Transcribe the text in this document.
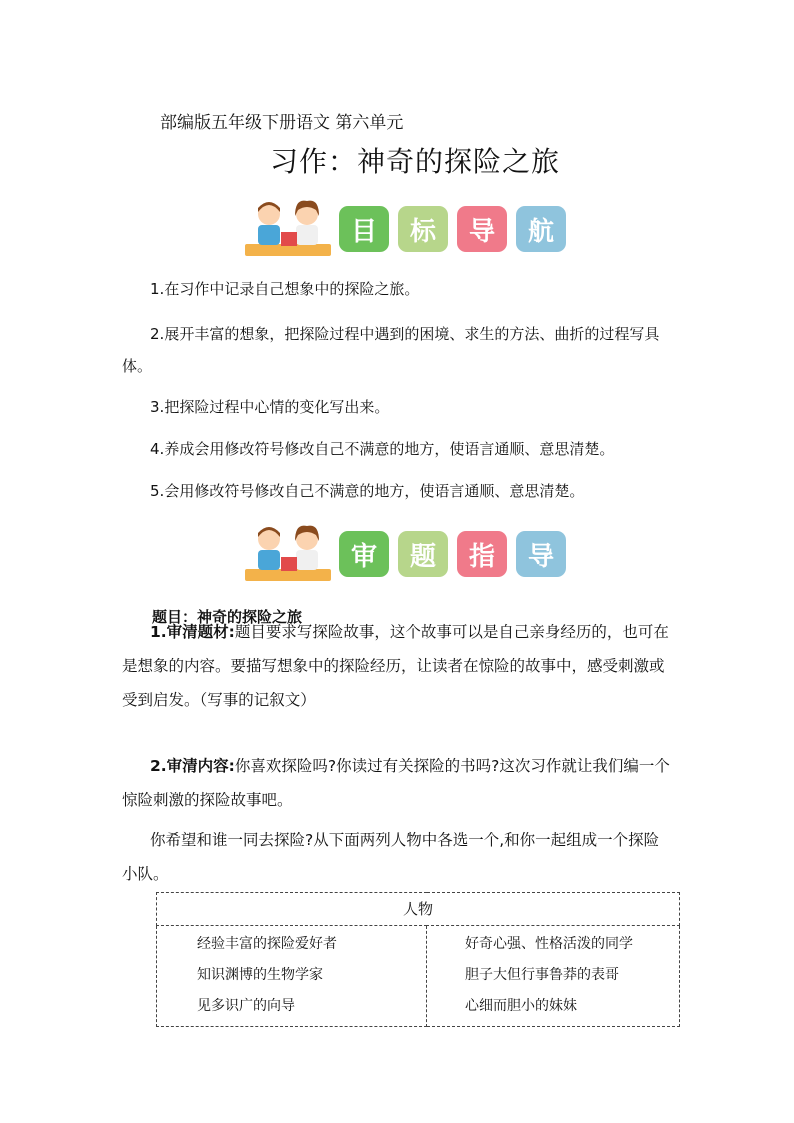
部编版五年级下册语文 第六单元
习作：神奇的探险之旅
目	标	导	航
1.在习作中记录自己想象中的探险之旅。
2.展开丰富的想象，把探险过程中遇到的困境、求生的方法、曲折的过程写具体。
3.把探险过程中心情的变化写出来。
4.养成会用修改符号修改自己不满意的地方，使语言通顺、意思清楚。
5.会用修改符号修改自己不满意的地方，使语言通顺、意思清楚。
审	题	指	导
题目：神奇的探险之旅
1.审清题材:题目要求写探险故事，这个故事可以是自己亲身经历的，也可在是想象的内容。要描写想象中的探险经历，让读者在惊险的故事中，感受刺激或受到启发。（写事的记叙文）
2.审清内容:你喜欢探险吗?你读过有关探险的书吗?这次习作就让我们编一个惊险刺激的探险故事吧。
你希望和谁一同去探险?从下面两列人物中各选一个,和你一起组成一个探险小队。
人物

经验丰富的探险爱好者
知识渊博的生物学家
见多识广的向导

好奇心强、性格活泼的同学
胆子大但行事鲁莽的表哥
心细而胆小的妹妹
